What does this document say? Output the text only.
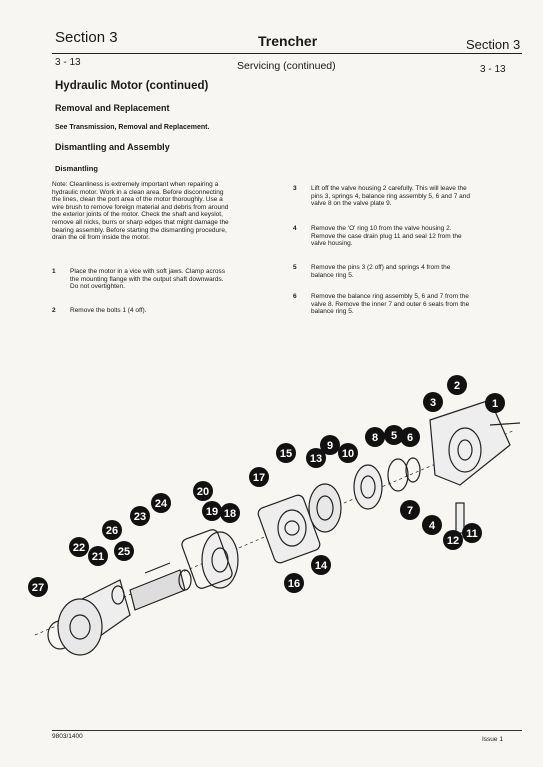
Section 3	Trencher	Section 3
3 - 13	Servicing (continued)	3 - 13
Hydraulic Motor (continued)
Removal and Replacement
See Transmission, Removal and Replacement.
Dismantling and Assembly
Dismantling
Note: Cleanliness is extremely important when repairing a
hydraulic motor. Work in a clean area. Before disconnecting
the lines, clean the port area of the motor thoroughly. Use a
wire brush to remove foreign material and debris from around
the exterior joints of the motor. Check the shaft and keyslot,
remove all nicks, burrs or sharp edges that might damage the
bearing assembly. Before starting the dismantling procedure,
drain the oil from inside the motor.
1 Place the motor in a vice with soft jaws. Clamp across
the mounting flange with the output shaft downwards.
Do not overtighten.
2 Remove the bolts 1 (4 off).
3 Lift off the valve housing 2 carefully. This will leave the
pins 3, springs 4, balance ring assembly 5, 6 and 7 and
valve 8 on the valve plate 9.
4 Remove the 'O' ring 10 from the valve housing 2.
Remove the case drain plug 11 and seal 12 from the
valve housing.
5 Remove the pins 3 (2 off) and springs 4 from the
balance ring 5.
6 Remove the balance ring assembly 5, 6 and 7 from the
valve 8. Remove the inner 7 and outer 6 seals from the
balance ring 5.
1
2
3
4
5 6
7
8
9
10
11
12
13
14
15
16
17
18
19
20
21
22
23
24
25
26
27
9803/1400	Issue 1
